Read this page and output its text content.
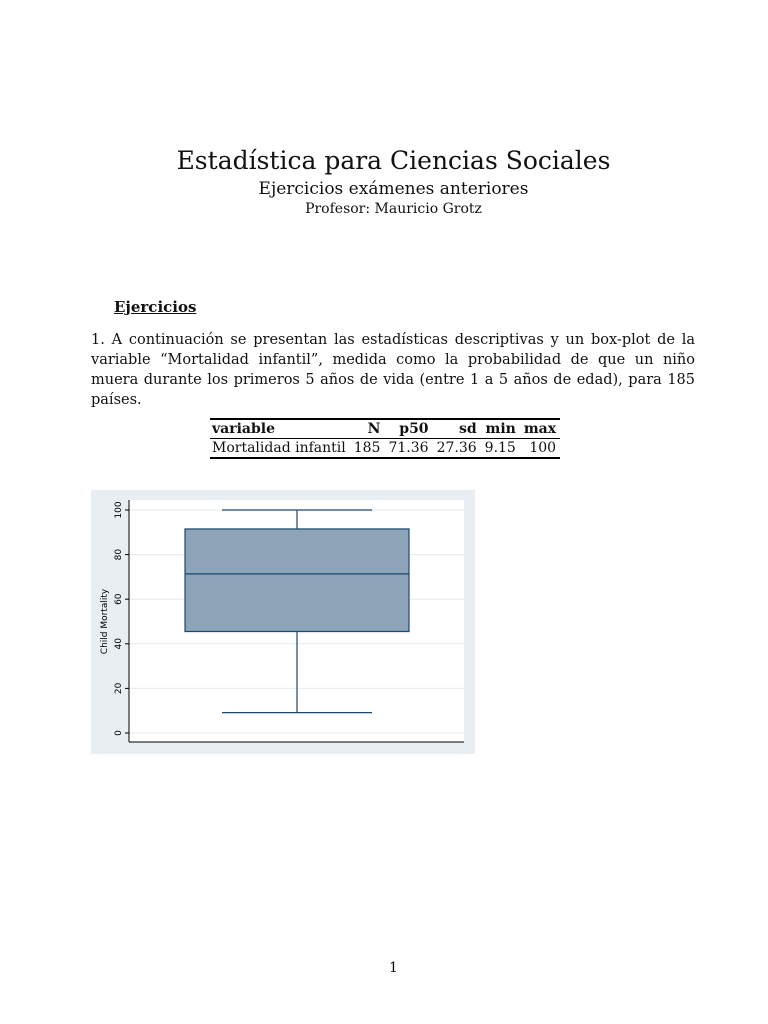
Estadística para Ciencias Sociales
Ejercicios exámenes anteriores
Profesor: Mauricio Grotz
Ejercicios
1. A continuación se presentan las estadísticas descriptivas y un box-plot de la variable “Mortalidad infantil”, medida como la probabilidad de que un niño muera durante los primeros 5 años de vida (entre 1 a 5 años de edad), para 185 países.
variable	N	p50	sd	min	max
Mortalidad infantil	185	71.36	27.36	9.15	100
0
20
40
60
80
100
Child Mortality
1
